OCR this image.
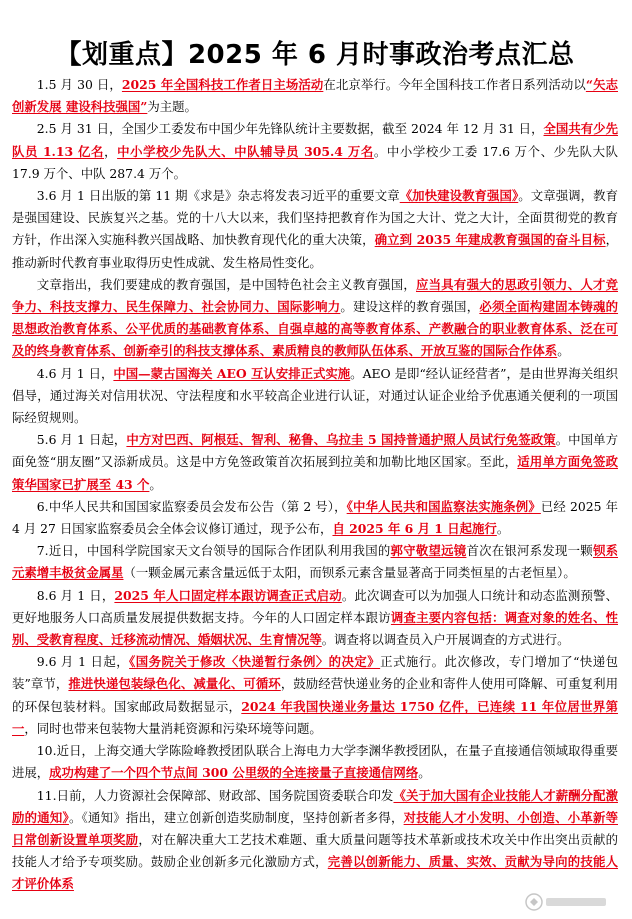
【划重点】2025 年 6 月时事政治考点汇总

1.5 月 30 日，2025 年全国科技工作者日主场活动在北京举行。今年全国科技工作者日系列活动以“矢志创新发展 建设科技强国”为主题。

2.5 月 31 日，全国少工委发布中国少年先锋队统计主要数据，截至 2024 年 12 月 31 日，全国共有少先队员 1.13 亿名，中小学校少先队大、中队辅导员 305.4 万名。中小学校少工委 17.6 万个、少先队大队 17.9 万个、中队 287.4 万个。

3.6 月 1 日出版的第 11 期《求是》杂志将发表习近平的重要文章《加快建设教育强国》。文章强调，教育是强国建设、民族复兴之基。党的十八大以来，我们坚持把教育作为国之大计、党之大计，全面贯彻党的教育方针，作出深入实施科教兴国战略、加快教育现代化的重大决策，确立到 2035 年建成教育强国的奋斗目标，推动新时代教育事业取得历史性成就、发生格局性变化。

文章指出，我们要建成的教育强国，是中国特色社会主义教育强国，应当具有强大的思政引领力、人才竞争力、科技支撑力、民生保障力、社会协同力、国际影响力。建设这样的教育强国，必须全面构建固本铸魂的思想政治教育体系、公平优质的基础教育体系、自强卓越的高等教育体系、产教融合的职业教育体系、泛在可及的终身教育体系、创新牵引的科技支撑体系、素质精良的教师队伍体系、开放互鉴的国际合作体系。

4.6 月 1 日，中国—蒙古国海关 AEO 互认安排正式实施。AEO 是即“经认证经营者”，是由世界海关组织倡导，通过海关对信用状况、守法程度和水平较高企业进行认证，对通过认证企业给予优惠通关便利的一项国际经贸规则。

5.6 月 1 日起，中方对巴西、阿根廷、智利、秘鲁、乌拉圭 5 国持普通护照人员试行免签政策。中国单方面免签“朋友圈”又添新成员。这是中方免签政策首次拓展到拉美和加勒比地区国家。至此，适用单方面免签政策华国家已扩展至 43 个。

6.中华人民共和国国家监察委员会发布公告（第 2 号），《中华人民共和国监察法实施条例》已经 2025 年 4 月 27 日国家监察委员会全体会议修订通过，现予公布，自 2025 年 6 月 1 日起施行。

7.近日，中国科学院国家天文台领导的国际合作团队利用我国的郭守敬望远镜首次在银河系发现一颗钡系元素增丰极贫金属星（一颗金属元素含量远低于太阳，而钡系元素含量显著高于同类恒星的古老恒星）。

8.6 月 1 日，2025 年人口固定样本跟访调查正式启动。此次调查可以为加强人口统计和动态监测预警、更好地服务人口高质量发展提供数据支持。今年的人口固定样本跟访调查主要内容包括：调查对象的姓名、性别、受教育程度、迁移流动情况、婚姻状况、生育情况等。调查将以调查员入户开展调查的方式进行。

9.6 月 1 日起，《国务院关于修改〈快递暂行条例〉的决定》正式施行。此次修改，专门增加了“快递包装”章节，推进快递包装绿色化、减量化、可循环，鼓励经营快递业务的企业和寄件人使用可降解、可重复利用的环保包装材料。国家邮政局数据显示，2024 年我国快递业务量达 1750 亿件，已连续 11 年位居世界第一，同时也带来包装物大量消耗资源和污染环境等问题。

10.近日，上海交通大学陈险峰教授团队联合上海电力大学李渊华教授团队，在量子直接通信领域取得重要进展，成功构建了一个四个节点间 300 公里级的全连接量子直接通信网络。

11.日前，人力资源社会保障部、财政部、国务院国资委联合印发《关于加大国有企业技能人才薪酬分配激励的通知》。《通知》指出，建立创新创造奖励制度，坚持创新者多得，对技能人才小发明、小创造、小革新等日常创新设置单项奖励，对在解决重大工艺技术难题、重大质量问题等技术革新或技术攻关中作出突出贡献的技能人才给予专项奖励。鼓励企业创新多元化激励方式，完善以创新能力、质量、实效、贡献为导向的技能人才评价体系
